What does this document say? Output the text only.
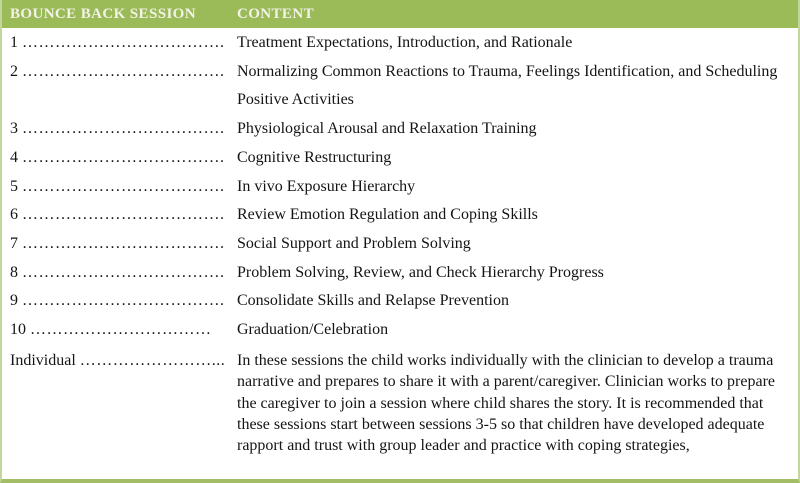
BOUNCE BACK SESSION	CONTENT
1 ………………………………. Treatment Expectations, Introduction, and Rationale
2 ………………………………. Normalizing Common Reactions to Trauma, Feelings Identification, and Scheduling Positive Activities
3 ………………………………. Physiological Arousal and Relaxation Training
4 ………………………………. Cognitive Restructuring
5 ………………………………. In vivo Exposure Hierarchy
6 ………………………………. Review Emotion Regulation and Coping Skills
7 ………………………………. Social Support and Problem Solving
8 ………………………………. Problem Solving, Review, and Check Hierarchy Progress
9 ………………………………. Consolidate Skills and Relapse Prevention
10 ……………………………	Graduation/Celebration
Individual ……………………... In these sessions the child works individually with the clinician to develop a trauma narrative and prepares to share it with a parent/caregiver. Clinician works to prepare the caregiver to join a session where child shares the story. It is recommended that these sessions start between sessions 3-5 so that children have developed adequate rapport and trust with group leader and practice with coping strategies,
